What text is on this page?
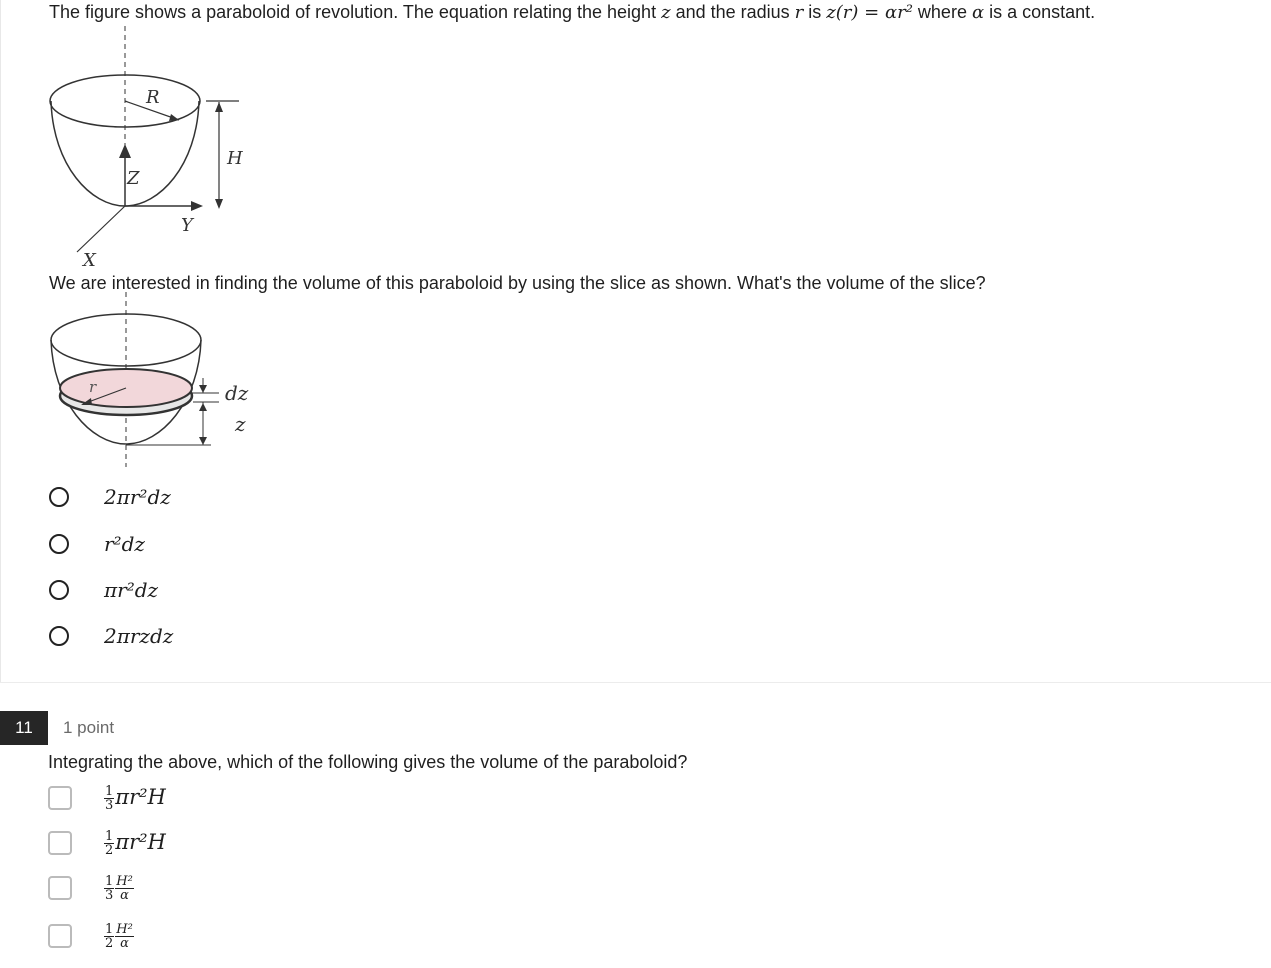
The figure shows a paraboloid of revolution. The equation relating the height z and the radius r is z(r) = αr² where α is a constant.
R
Z
Y
X
H
We are interested in finding the volume of this paraboloid by using the slice as shown. What's the volume of the slice?
r	dz
z
2πr²dz
r²dz
πr²dz
2πrzdz
11	1 point
Integrating the above, which of the following gives the volume of the paraboloid?
$\frac{1}{3} \pi r^2H$
$\frac{1}{2} \pi r^2H$
$\frac{1}{3} \frac{\text{H²}}{\alpha}$
$\frac{1}{2} \frac{\text{H²}}{\alpha}$
